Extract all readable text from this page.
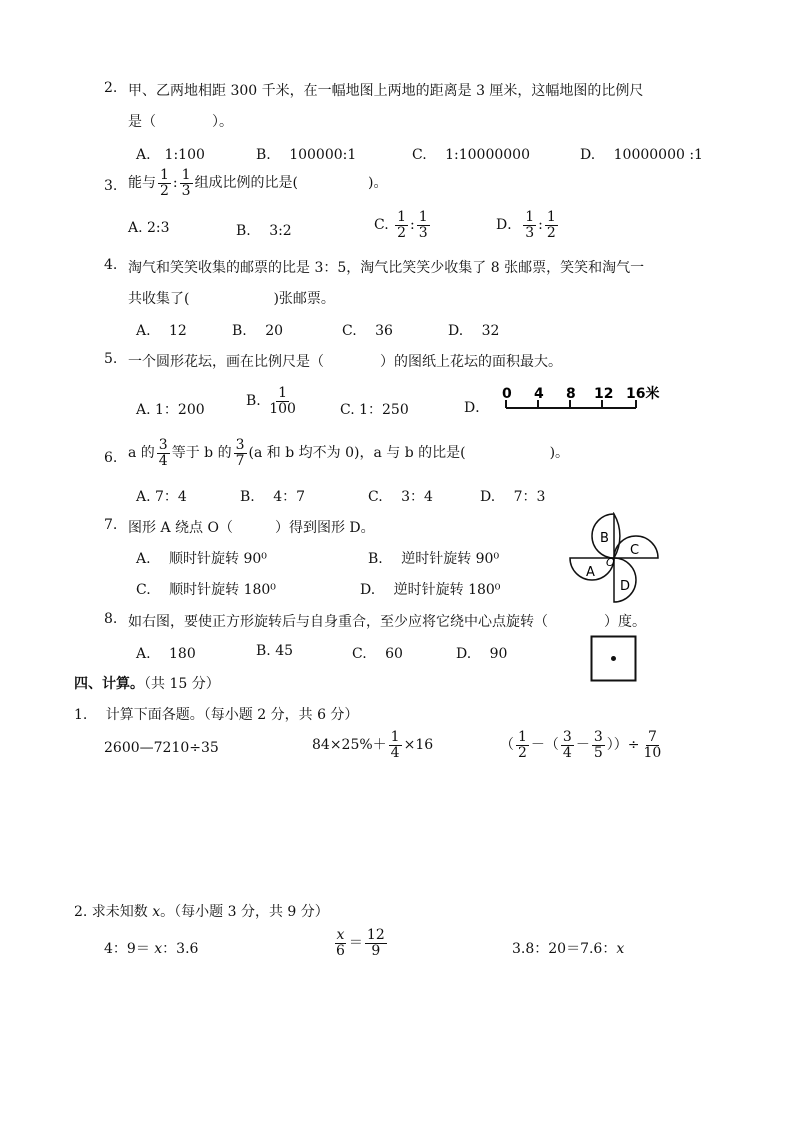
2. 甲、乙两地相距 300 千米，在一幅地图上两地的距离是 3 厘米，这幅地图的比例尺
是（　　　　）。
A.　1:100	B.　 100000:1	C.　 1:10000000	D.　 10000000 :1
3. 能与 $\frac{1}{2}$ : $\frac{1}{3}$ 组成比例的比是(　　　　　)。
A. 2:3	B.　 3:2	C. $\frac{1}{2}$ : $\frac{1}{3}$	D． $\frac{1}{3}$ : $\frac{1}{2}$
4. 淘气和笑笑收集的邮票的比是 3：5，淘气比笑笑少收集了 8 张邮票，笑笑和淘气一
共收集了(　　　　　　)张邮票。
A.　 12	B.　 20	C.　 36	D.　 32
5. 一个圆形花坛，画在比例尺是（　　　　）的图纸上花坛的面积最大。
A. 1：200
B. $\frac{1}{100}$	C. 1：250	D．
0 4 8 12 16米
6. a 的 $\frac{3}{4}$ 等于 b 的 $\frac{3}{7} (a$ 和 b 均不为 0)，a 与 b 的比是(　　　　　　)。
A. 7：4	B.　 4：7	C.　 3：4	D.　 7：3
7. 图形 A 绕点 O（　　　）得到图形 D。
A.　 顺时针旋转 90⁰	B.　 逆时针旋转 90⁰
C.　 顺时针旋转 180⁰	D.　 逆时针旋转 180⁰
A
B
C
D
O
8. 如右图，要使正方形旋转后与自身重合，至少应将它绕中心点旋转（　　　　）度。
A.　 180	B. 45	C.　 60	D.　 90
四、计算。（共 15 分）
1.　 计算下面各题。（每小题 2 分，共 6 分）
2600—7210÷35	$84\times 25\%+ \frac{1}{4} \times 16$	（ $\frac{1}{2}$ －（ $\frac{3}{4} - \frac{3}{5}$ ））÷ $\frac{7}{10}$
2. 求未知数 x。（每小题 3 分，共 9 分）
4：9＝ x：3.6	$\frac{x}{6} = \frac{12}{9}$	3.8：20＝7.6：x
